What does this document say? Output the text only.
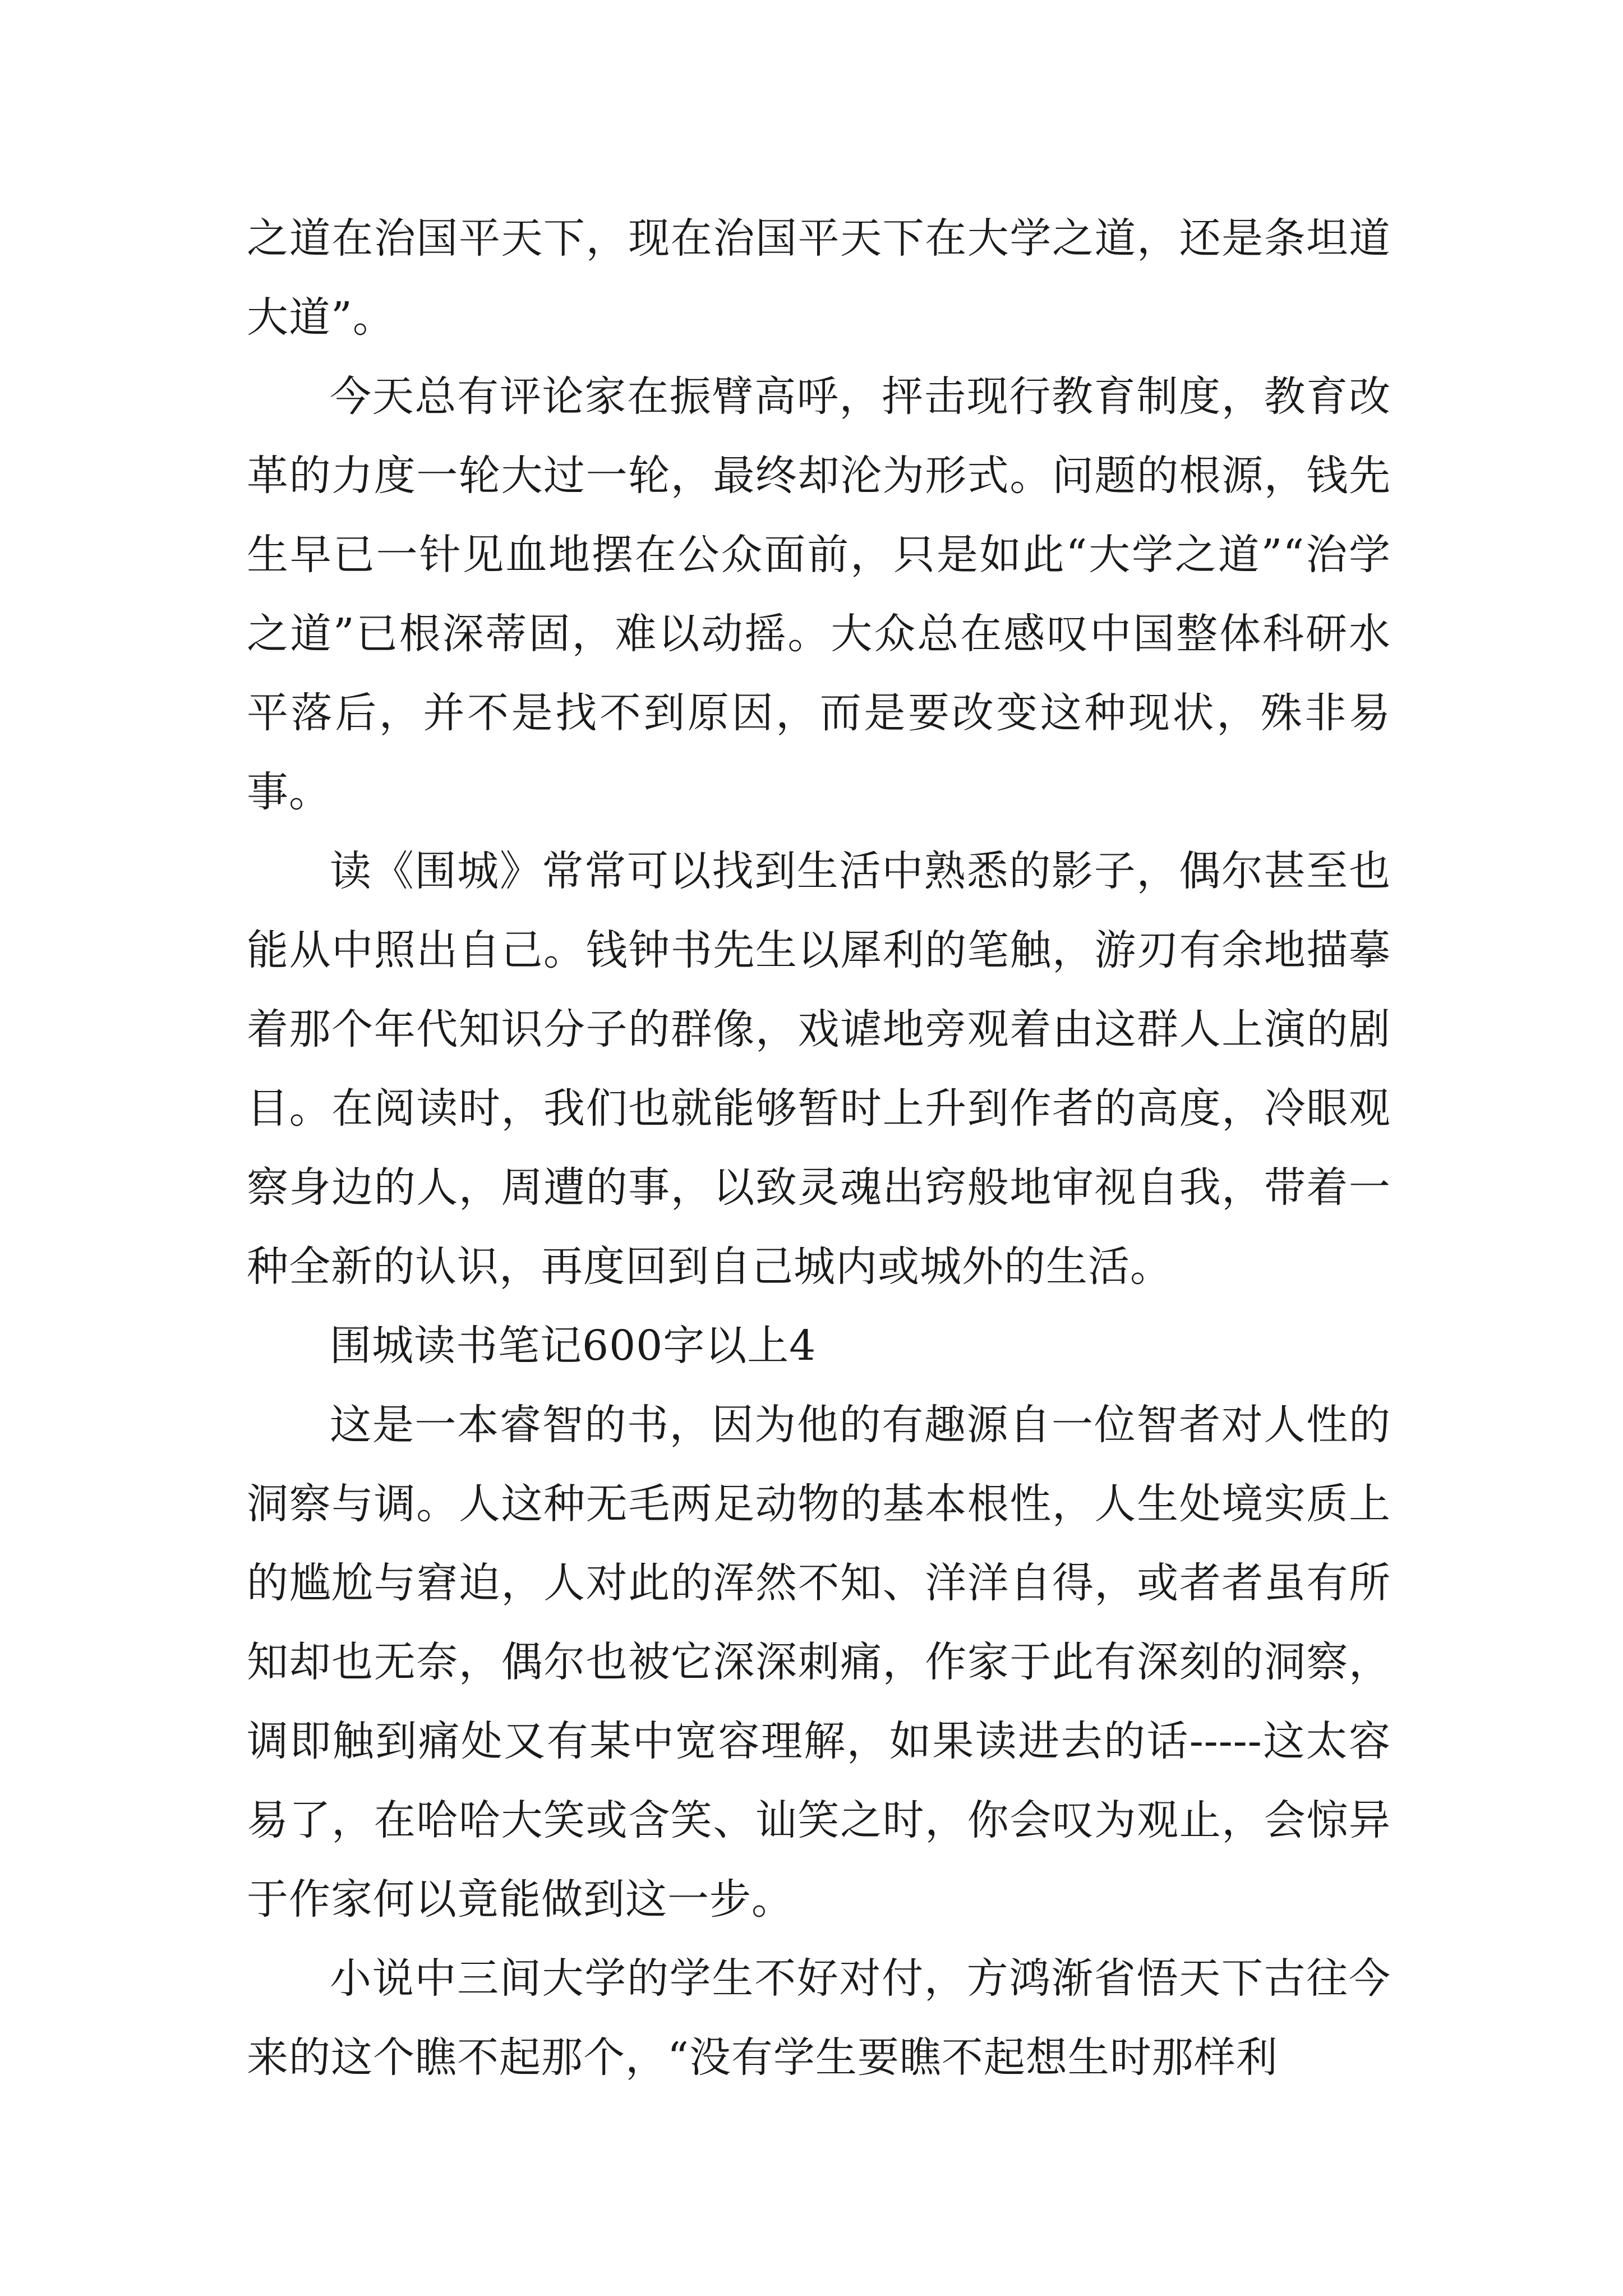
之道在治国平天下，现在治国平天下在大学之道，还是条坦道大道”。

今天总有评论家在振臂高呼，抨击现行教育制度，教育改革的力度一轮大过一轮，最终却沦为形式。问题的根源，钱先生早已一针见血地摆在公众面前，只是如此“大学之道”“治学之道”已根深蒂固，难以动摇。大众总在感叹中国整体科研水平落后，并不是找不到原因，而是要改变这种现状，殊非易事。

读《围城》常常可以找到生活中熟悉的影子，偶尔甚至也能从中照出自己。钱钟书先生以犀利的笔触，游刃有余地描摹着那个年代知识分子的群像，戏谑地旁观着由这群人上演的剧目。在阅读时，我们也就能够暂时上升到作者的高度，冷眼观察身边的人，周遭的事，以致灵魂出窍般地审视自我，带着一种全新的认识，再度回到自己城内或城外的生活。

围城读书笔记600字以上4

这是一本睿智的书，因为他的有趣源自一位智者对人性的洞察与调。人这种无毛两足动物的基本根性，人生处境实质上的尴尬与窘迫，人对此的浑然不知、洋洋自得，或者者虽有所知却也无奈，偶尔也被它深深刺痛，作家于此有深刻的洞察，调即触到痛处又有某中宽容理解，如果读进去的话-----这太容易了，在哈哈大笑或含笑、讪笑之时，你会叹为观止，会惊异于作家何以竟能做到这一步。

小说中三间大学的学生不好对付，方鸿渐省悟天下古往今来的这个瞧不起那个，“没有学生要瞧不起想生时那样利
